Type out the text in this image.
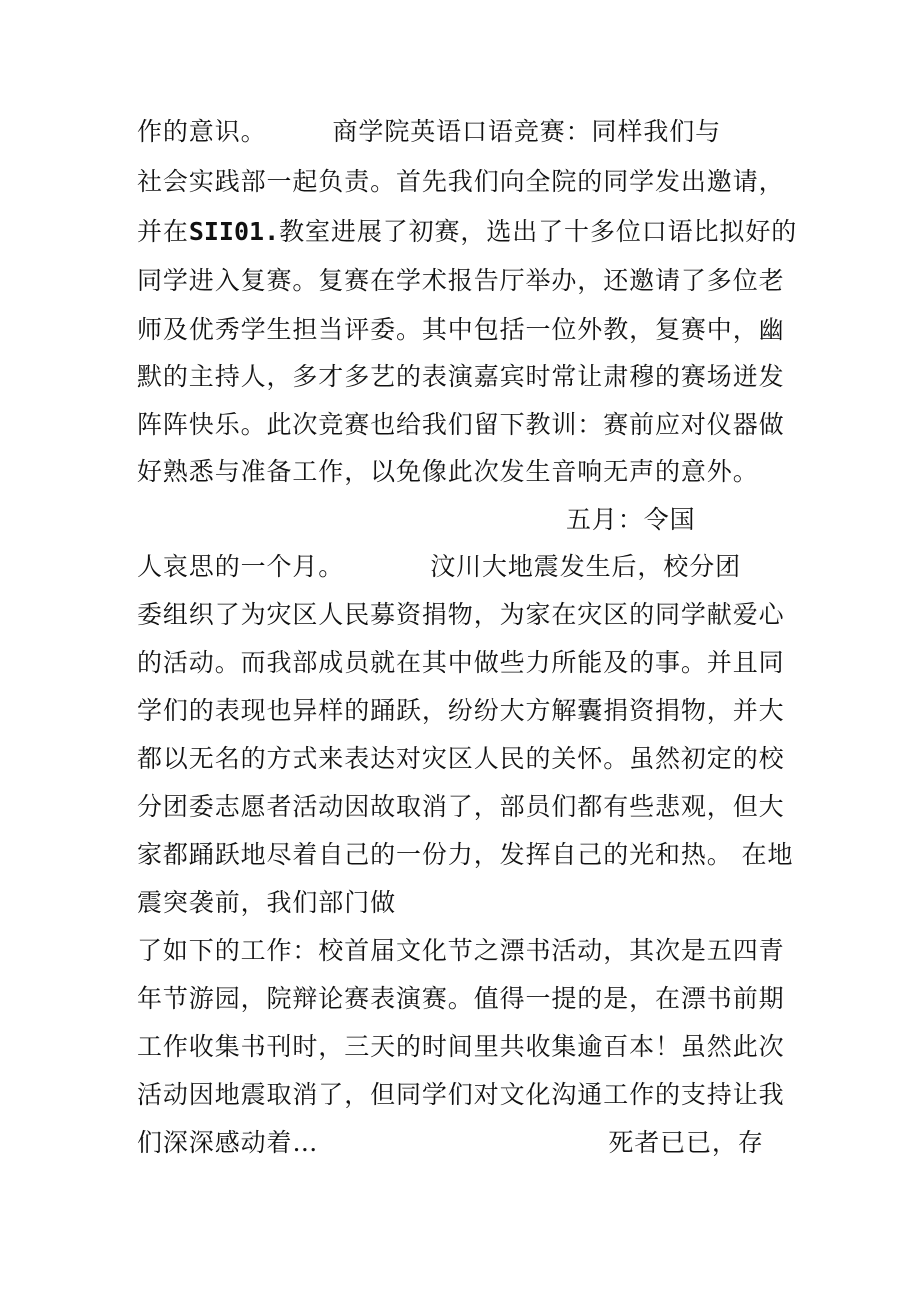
作的意识。	商学院英语口语竞赛：同样我们与
社会实践部一起负责。首先我们向全院的同学发出邀请，
并在SII01.教室进展了初赛，选出了十多位口语比拟好的
同学进入复赛。复赛在学术报告厅举办，还邀请了多位老
师及优秀学生担当评委。其中包括一位外教，复赛中，幽
默的主持人，多才多艺的表演嘉宾时常让肃穆的赛场迸发
阵阵快乐。此次竞赛也给我们留下教训：赛前应对仪器做
好熟悉与准备工作，以免像此次发生音响无声的意外。
五月：令国
人哀思的一个月。	汶川大地震发生后，校分团
委组织了为灾区人民募资捐物，为家在灾区的同学献爱心
的活动。而我部成员就在其中做些力所能及的事。并且同
学们的表现也异样的踊跃，纷纷大方解囊捐资捐物，并大
都以无名的方式来表达对灾区人民的关怀。虽然初定的校
分团委志愿者活动因故取消了，部员们都有些悲观，但大
家都踊跃地尽着自己的一份力，发挥自己的光和热。 在地
震突袭前，我们部门做
了如下的工作：校首届文化节之漂书活动，其次是五四青
年节游园，院辩论赛表演赛。值得一提的是，在漂书前期
工作收集书刊时，三天的时间里共收集逾百本！虽然此次
活动因地震取消了，但同学们对文化沟通工作的支持让我
们深深感动着…	死者已已，存
